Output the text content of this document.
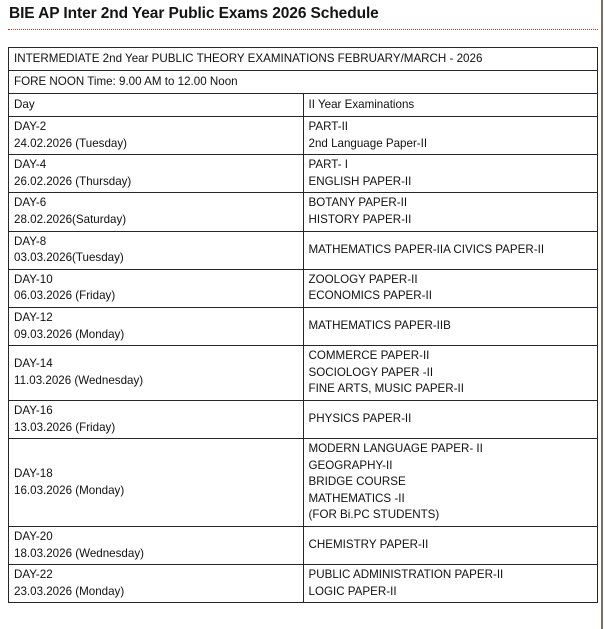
BIE AP Inter 2nd Year Public Exams 2026 Schedule
INTERMEDIATE 2nd Year PUBLIC THEORY EXAMINATIONS FEBRUARY/MARCH - 2026	
FORE NOON Time: 9.00 AM to 12.00 Noon	
Day	II Year Examinations

DAY-2
24.02.2026 (Tuesday)	PART-II
2nd Language Paper-II

DAY-4
26.02.2026 (Thursday)	PART- I
ENGLISH PAPER-II

DAY-6
28.02.2026(Saturday)	BOTANY PAPER-II
HISTORY PAPER-II

DAY-8
03.03.2026(Tuesday)	MATHEMATICS PAPER-IIA CIVICS PAPER-II

DAY-10
06.03.2026 (Friday)	ZOOLOGY PAPER-II
ECONOMICS PAPER-II

DAY-12
09.03.2026 (Monday)	MATHEMATICS PAPER-IIB

DAY-14
11.03.2026 (Wednesday)	COMMERCE PAPER-II
SOCIOLOGY PAPER -II
FINE ARTS, MUSIC PAPER-II

DAY-16
13.03.2026 (Friday)	PHYSICS PAPER-II

DAY-18
16.03.2026 (Monday)	MODERN LANGUAGE PAPER- II
GEOGRAPHY-II
BRIDGE COURSE
MATHEMATICS -II
(FOR Bi.PC STUDENTS)

DAY-20
18.03.2026 (Wednesday)	CHEMISTRY PAPER-II

DAY-22
23.03.2026 (Monday)	PUBLIC ADMINISTRATION PAPER-II
LOGIC PAPER-II
